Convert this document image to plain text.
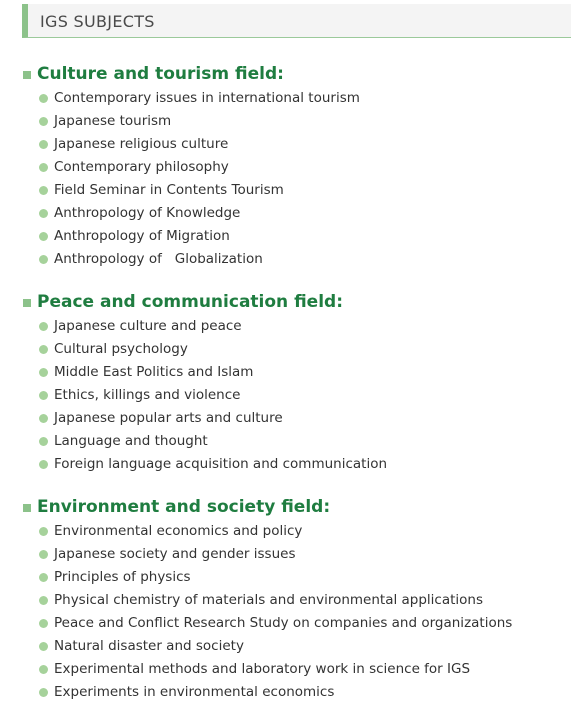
IGS SUBJECTS
Culture and tourism field:
Contemporary issues in international tourism
Japanese tourism
Japanese religious culture
Contemporary philosophy
Field Seminar in Contents Tourism
Anthropology of Knowledge
Anthropology of Migration
Anthropology of   Globalization
Peace and communication field:
Japanese culture and peace
Cultural psychology
Middle East Politics and Islam
Ethics, killings and violence
Japanese popular arts and culture
Language and thought
Foreign language acquisition and communication
Environment and society field:
Environmental economics and policy
Japanese society and gender issues
Principles of physics
Physical chemistry of materials and environmental applications
Peace and Conflict Research Study on companies and organizations
Natural disaster and society
Experimental methods and laboratory work in science for IGS
Experiments in environmental economics
